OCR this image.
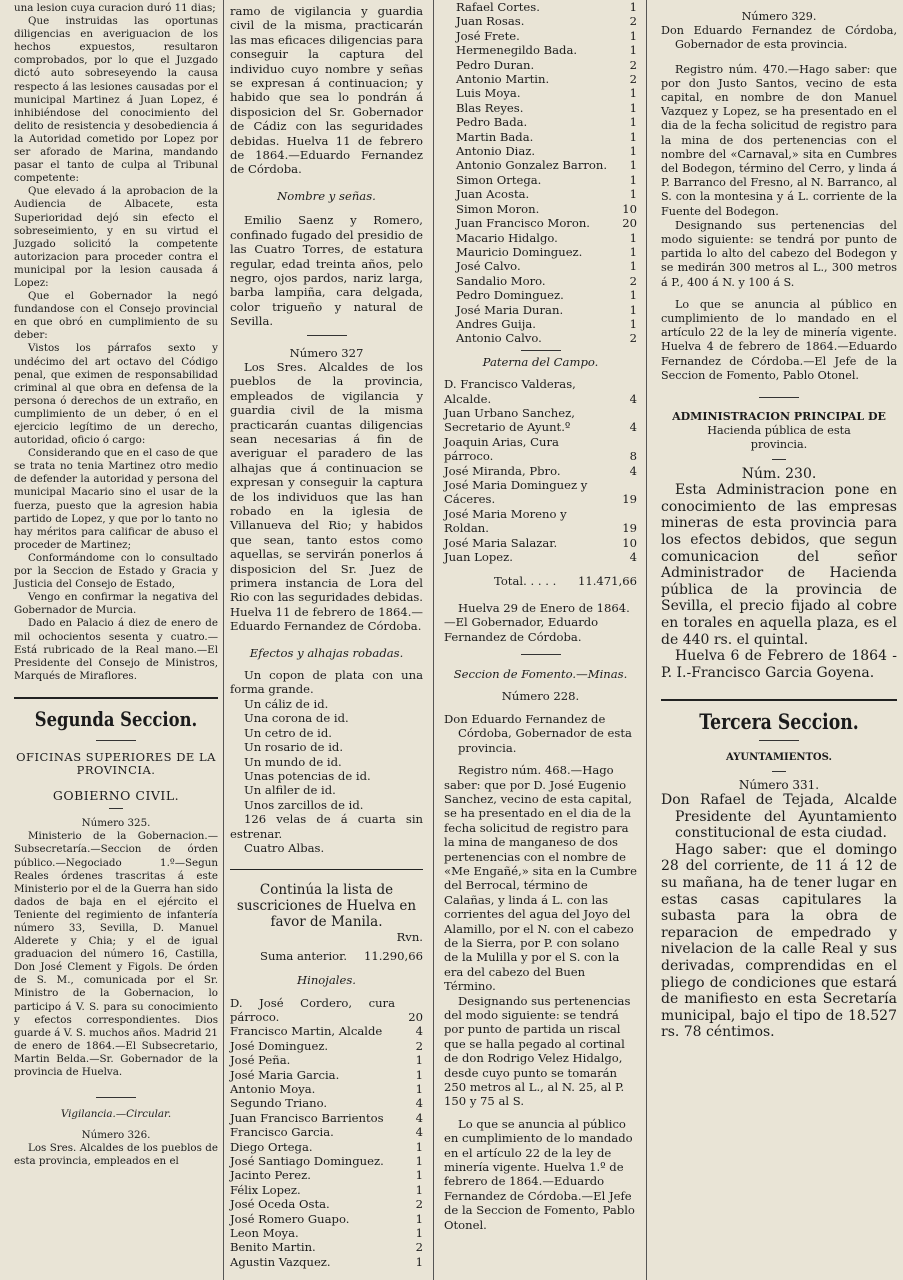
una lesion cuya curacion duró 11 dias;

Que instruidas las oportunas diligencias en averiguacion de los hechos expuestos, resultaron comprobados, por lo que el Juzgado dictó auto sobreseyendo la causa respecto á las lesiones causadas por el municipal Martinez á Juan Lopez, é inhibiéndose del conocimiento del delito de resistencia y desobediencia á la Autoridad cometido por Lopez por ser aforado de Marina, mandando pasar el tanto de culpa al Tribunal competente:

Que elevado á la aprobacion de la Audiencia de Albacete, esta Superioridad dejó sin efecto el sobreseimiento, y en su virtud el Juzgado solicitó la competente autorizacion para proceder contra el municipal por la lesion causada á Lopez:

Que el Gobernador la negó fundandose con el Consejo provincial en que obró en cumplimiento de su deber:

Vistos los párrafos sexto y undécimo del art octavo del Código penal, que eximen de responsabilidad criminal al que obra en defensa de la persona ó derechos de un extraño, en cumplimiento de un deber, ó en el ejercicio legítimo de un derecho, autoridad, oficio ó cargo:

Considerando que en el caso de que se trata no tenia Martinez otro medio de defender la autoridad y persona del municipal Macario sino el usar de la fuerza, puesto que la agresion habia partido de Lopez, y que por lo tanto no hay méritos para calificar de abuso el proceder de Martinez;

Conformándome con lo consultado por la Seccion de Estado y Gracia y Justicia del Consejo de Estado,

Vengo en confirmar la negativa del Gobernador de Murcia.

Dado en Palacio á diez de enero de mil ochocientos sesenta y cuatro.—Está rubricado de la Real mano.—El Presidente del Consejo de Ministros, Marqués de Miraflores.

Segunda Seccion.
OFICINAS SUPERIORES DE LA PROVINCIA.
GOBIERNO CIVIL.

Número 325.

Ministerio de la Gobernacion.—Subsecretaría.—Seccion de órden público.—Negociado 1.º—Segun Reales órdenes trascritas á este Ministerio por el de la Guerra han sido dados de baja en el ejército el Teniente del regimiento de infantería número 33, Sevilla, D. Manuel Alderete y Chia; y el de igual graduacion del número 16, Castilla, Don José Clement y Figols. De órden de S. M., comunicada por el Sr. Ministro de la Gobernacion, lo participo á V. S. para su conocimiento y efectos correspondientes. Dios guarde á V. S. muchos años. Madrid 21 de enero de 1864.—El Subsecretario, Martin Belda.—Sr. Gobernador de la provincia de Huelva.

Vigilancia.—Circular.

Número 326.

Los Sres. Alcaldes de los pueblos de esta provincia, empleados en el

ramo de vigilancia y guardia civil de la misma, practicarán las mas eficaces diligencias para conseguir la captura del individuo cuyo nombre y señas se expresan á continuacion; y habido que sea lo pondrán á disposicion del Sr. Gobernador de Cádiz con las seguridades debidas. Huelva 11 de febrero de 1864.—Eduardo Fernandez de Córdoba.

Nombre y señas.

Emilio Saenz y Romero, confinado fugado del presidio de las Cuatro Torres, de estatura regular, edad treinta años, pelo negro, ojos pardos, nariz larga, barba lampiña, cara delgada, color trigueño y natural de Sevilla.

Número 327

Los Sres. Alcaldes de los pueblos de la provincia, empleados de vigilancia y guardia civil de la misma practicarán cuantas diligencias sean necesarias á fin de averiguar el paradero de las alhajas que á continuacion se expresan y conseguir la captura de los individuos que las han robado en la iglesia de Villanueva del Rio; y habidos que sean, tanto estos como aquellas, se servirán ponerlos á disposicion del Sr. Juez de primera instancia de Lora del Rio con las seguridades debidas. Huelva 11 de febrero de 1864.—Eduardo Fernandez de Córdoba.

Efectos y alhajas robadas.

Un copon de plata con una forma grande.

Un cáliz de id.

Una corona de id.

Un cetro de id.

Un rosario de id.

Un mundo de id.

Unas potencias de id.

Un alfiler de id.

Unos zarcillos de id.

126 velas de á cuarta sin estrenar.

Cuatro Albas.

Continúa la lista de suscriciones de Huelva en favor de Manila.

Rvn.

Suma anterior. 11.290,66

Hinojales.

D. José Cordero, cura párroco.	20
Francisco Martin, Alcalde	4
José Dominguez.	2
José Peña.	1
José Maria Garcia.	1
Antonio Moya.	1
Segundo Triano.	4
Juan Francisco Barrientos	4
Francisco Garcia.	4
Diego Ortega.	1
José Santiago Dominguez.	1
Jacinto Perez.	1
Félix Lopez.	1
José Oceda Osta.	2
José Romero Guapo.	1
Leon Moya.	1
Benito Martin.	2
Agustin Vazquez.	1
Rafael Cortes.	1
Juan Rosas.	2
José Frete.	1
Hermenegildo Bada.	1
Pedro Duran.	2
Antonio Martin.	2
Luis Moya.	1
Blas Reyes.	1
Pedro Bada.	1
Martin Bada.	1
Antonio Diaz.	1
Antonio Gonzalez Barron.	1
Simon Ortega.	1
Juan Acosta.	1
Simon Moron.	10
Juan Francisco Moron.	20
Macario Hidalgo.	1
Mauricio Dominguez.	1
José Calvo.	1
Sandalio Moro.	2
Pedro Dominguez.	1
José Maria Duran.	1
Andres Guija.	1
Antonio Calvo.	2

Paterna del Campo.

D. Francisco Valderas, Alcalde.	4
Juan Urbano Sanchez, Secretario de Ayunt.º	4
Joaquin Arias, Cura párroco.	8
José Miranda, Pbro.	4
José Maria Dominguez y Cáceres.	19
José Maria Moreno y Roldan.	19
José Maria Salazar.	10
Juan Lopez.	4
Total. . . . . 11.471,66

Huelva 29 de Enero de 1864.—El Gobernador, Eduardo Fernandez de Córdoba.

Seccion de Fomento.—Minas.

Número 228.

Don Eduardo Fernandez de Córdoba, Gobernador de esta provincia.

Registro núm. 468.—Hago saber: que por D. José Eugenio Sanchez, vecino de esta capital, se ha presentado en el dia de la fecha solicitud de registro para la mina de manganeso de dos pertenencias con el nombre de «Me Engañé,» sita en la Cumbre del Berrocal, término de Calañas, y linda á L. con las corrientes del agua del Joyo del Alamillo, por el N. con el cabezo de la Sierra, por P. con solano de la Mulilla y por el S. con la era del cabezo del Buen Término.

Designando sus pertenencias del modo siguiente: se tendrá por punto de partida un riscal que se halla pegado al cortinal de don Rodrigo Velez Hidalgo, desde cuyo punto se tomarán 250 metros al L., al N. 25, al P. 150 y 75 al S.

Lo que se anuncia al público en cumplimiento de lo mandado en el artículo 22 de la ley de minería vigente. Huelva 1.º de febrero de 1864.—Eduardo Fernandez de Córdoba.—El Jefe de la Seccion de Fomento, Pablo Otonel.

Número 329.

Don Eduardo Fernandez de Córdoba, Gobernador de esta provincia.

Registro núm. 470.—Hago saber: que por don Justo Santos, vecino de esta capital, en nombre de don Manuel Vazquez y Lopez, se ha presentado en el dia de la fecha solicitud de registro para la mina de dos pertenencias con el nombre del «Carnaval,» sita en Cumbres del Bodegon, término del Cerro, y linda á P. Barranco del Fresno, al N. Barranco, al S. con la montesina y á L. corriente de la Fuente del Bodegon.

Designando sus pertenencias del modo siguiente: se tendrá por punto de partida lo alto del cabezo del Bodegon y se medirán 300 metros al L., 300 metros á P., 400 á N. y 100 á S.

Lo que se anuncia al público en cumplimiento de lo mandado en el artículo 22 de la ley de minería vigente. Huelva 4 de febrero de 1864.—Eduardo Fernandez de Córdoba.—El Jefe de la Seccion de Fomento, Pablo Otonel.

ADMINISTRACION PRINCIPAL DE

Hacienda pública de esta provincia.

Núm. 230.

Esta Administracion pone en conocimiento de las empresas mineras de esta provincia para los efectos debidos, que segun comunicacion del señor Administrador de Hacienda pública de la provincia de Sevilla, el precio fijado al cobre en torales en aquella plaza, es el de 440 rs. el quintal.

Huelva 6 de Febrero de 1864 -P. I.-Francisco Garcia Goyena.

Tercera Seccion.

AYUNTAMIENTOS.

Número 331.

Don Rafael de Tejada, Alcalde Presidente del Ayuntamiento constitucional de esta ciudad.

Hago saber: que el domingo 28 del corriente, de 11 á 12 de su mañana, ha de tener lugar en estas casas capitulares la subasta para la obra de reparacion de empedrado y nivelacion de la calle Real y sus derivadas, comprendidas en el pliego de condiciones que estará de manifiesto en esta Secretaría municipal, bajo el tipo de 18.527 rs. 78 céntimos.
